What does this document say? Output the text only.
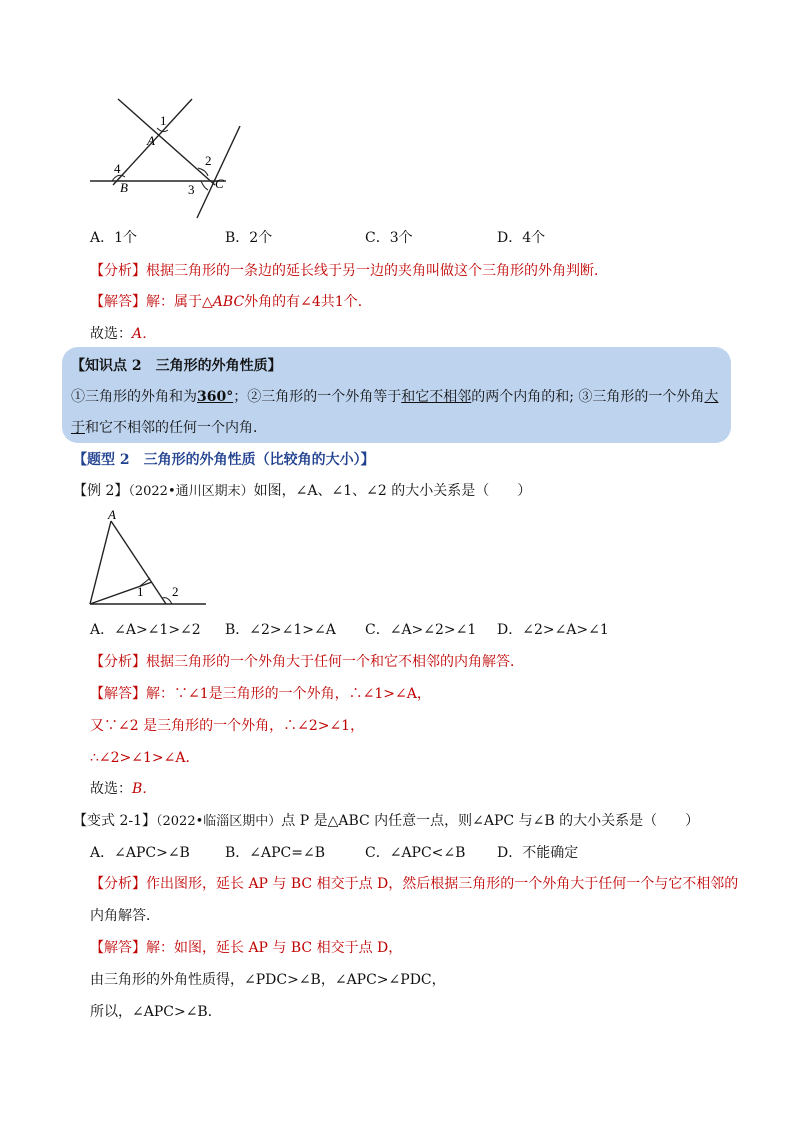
1
A
2
4
B	3 C
A．1个	B．2个	C．3个	D．4个
【分析】根据三角形的一条边的延长线于另一边的夹角叫做这个三角形的外角判断．
【解答】解：属于△ABC外角的有∠4共1个．
故选：A．
【知识点 2　三角形的外角性质】
①三角形的外角和为360°；②三角形的一个外角等于和它不相邻的两个内角的和; ③三角形的一个外角大
于和它不相邻的任何一个内角．
【题型 2　三角形的外角性质（比较角的大小）】
【例 2】（2022•通川区期末）如图，∠A、∠1、∠2 的大小关系是（　　）
A
1 2
A．∠A>∠1>∠2 B．∠2>∠1>∠A C．∠A>∠2>∠1 D．∠2>∠A>∠1
【分析】根据三角形的一个外角大于任何一个和它不相邻的内角解答．
【解答】解：∵∠1是三角形的一个外角，∴∠1>∠A，
又∵∠2 是三角形的一个外角，∴∠2>∠1，
∴∠2>∠1>∠A．
故选：B．
【变式 2-1】（2022•临淄区期中）点 P 是△ABC 内任意一点，则∠APC 与∠B 的大小关系是（　　）
A．∠APC>∠B	B．∠APC=∠B	C．∠APC<∠B D．不能确定
【分析】作出图形，延长 AP 与 BC 相交于点 D，然后根据三角形的一个外角大于任何一个与它不相邻的
内角解答．
【解答】解：如图，延长 AP 与 BC 相交于点 D，
由三角形的外角性质得，∠PDC>∠B，∠APC>∠PDC，
所以，∠APC>∠B．
